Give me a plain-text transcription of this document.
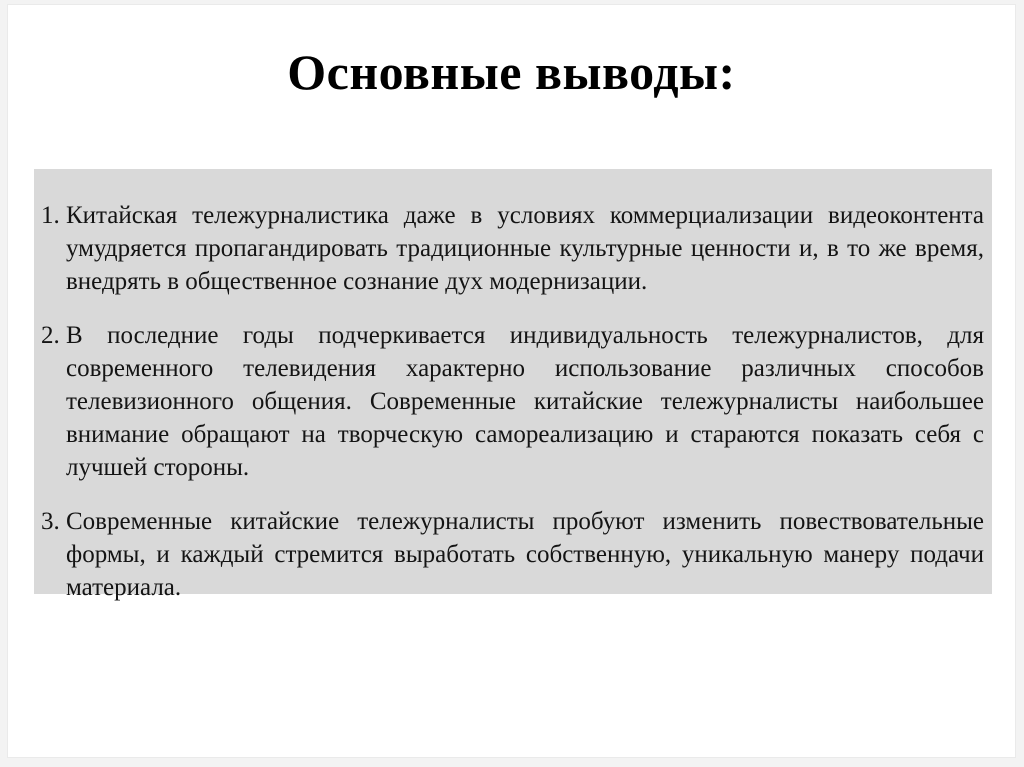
Основные выводы:
1. Китайская тележурналистика даже в условиях коммерциализации видеоконтента умудряется пропагандировать традиционные культурные ценности и, в то же время, внедрять в общественное сознание дух модернизации.
2. В последние годы подчеркивается индивидуальность тележурналистов, для современного телевидения характерно использование различных способов телевизионного общения. Современные китайские тележурналисты наибольшее внимание обращают на творческую самореализацию и стараются показать себя с лучшей стороны.
3. Современные китайские тележурналисты пробуют изменить повествовательные формы, и каждый стремится выработать собственную, уникальную манеру подачи материала.
